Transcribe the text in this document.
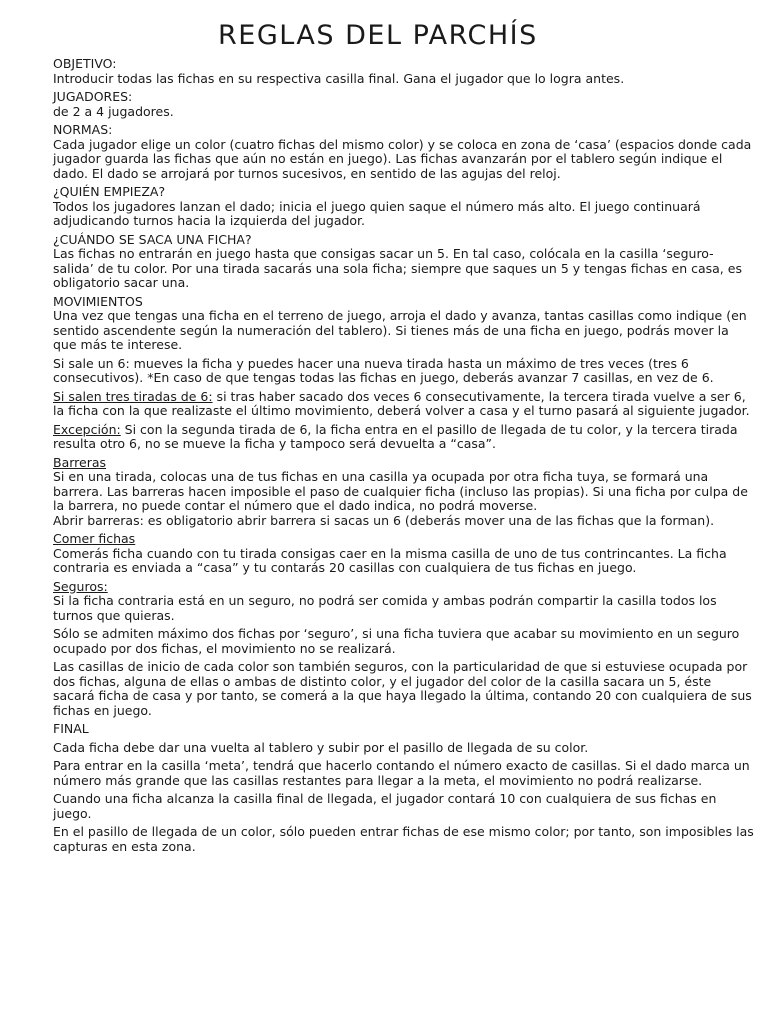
REGLAS DEL PARCHÍS
OBJETIVO:

Introducir todas las fichas en su respectiva casilla final. Gana el jugador que lo logra antes.

JUGADORES:

de 2 a 4 jugadores.

NORMAS:

Cada jugador elige un color (cuatro fichas del mismo color) y se coloca en zona de ‘casa’ (espacios donde cada jugador guarda las fichas que aún no están en juego). Las fichas avanzarán por el tablero según indique el dado. El dado se arrojará por turnos sucesivos, en sentido de las agujas del reloj.

¿QUIÉN EMPIEZA?

Todos los jugadores lanzan el dado; inicia el juego quien saque el número más alto. El juego continuará adjudicando turnos hacia la izquierda del jugador.

¿CUÁNDO SE SACA UNA FICHA?

Las fichas no entrarán en juego hasta que consigas sacar un 5. En tal caso, colócala en la casilla ‘seguro-salida’ de tu color. Por una tirada sacarás una sola ficha; siempre que saques un 5 y tengas fichas en casa, es obligatorio sacar una.

MOVIMIENTOS

Una vez que tengas una ficha en el terreno de juego, arroja el dado y avanza, tantas casillas como indique (en sentido ascendente según la numeración del tablero). Si tienes más de una ficha en juego, podrás mover la que más te interese.

Si sale un 6: mueves la ficha y puedes hacer una nueva tirada hasta un máximo de tres veces (tres 6 consecutivos). *En caso de que tengas todas las fichas en juego, deberás avanzar 7 casillas, en vez de 6.

Si salen tres tiradas de 6: si tras haber sacado dos veces 6 consecutivamente, la tercera tirada vuelve a ser 6, la ficha con la que realizaste el último movimiento, deberá volver a casa y el turno pasará al siguiente jugador.

Excepción: Si con la segunda tirada de 6, la ficha entra en el pasillo de llegada de tu color, y la tercera tirada resulta otro 6, no se mueve la ficha y tampoco será devuelta a “casa”.

Barreras

Si en una tirada, colocas una de tus fichas en una casilla ya ocupada por otra ficha tuya, se formará una barrera. Las barreras hacen imposible el paso de cualquier ficha (incluso las propias). Si una ficha por culpa de la barrera, no puede contar el número que el dado indica, no podrá moverse.

Abrir barreras: es obligatorio abrir barrera si sacas un 6 (deberás mover una de las fichas que la forman).

Comer fichas

Comerás ficha cuando con tu tirada consigas caer en la misma casilla de uno de tus contrincantes. La ficha contraria es enviada a “casa” y tu contarás 20 casillas con cualquiera de tus fichas en juego.

Seguros:

Si la ficha contraria está en un seguro, no podrá ser comida y ambas podrán compartir la casilla todos los turnos que quieras.

Sólo se admiten máximo dos fichas por ‘seguro’, si una ficha tuviera que acabar su movimiento en un seguro ocupado por dos fichas, el movimiento no se realizará.

Las casillas de inicio de cada color son también seguros, con la particularidad de que si estuviese ocupada por dos fichas, alguna de ellas o ambas de distinto color, y el jugador del color de la casilla sacara un 5, éste sacará ficha de casa y por tanto, se comerá a la que haya llegado la última, contando 20 con cualquiera de sus fichas en juego.

FINAL

Cada ficha debe dar una vuelta al tablero y subir por el pasillo de llegada de su color.

Para entrar en la casilla ‘meta’, tendrá que hacerlo contando el número exacto de casillas. Si el dado marca un número más grande que las casillas restantes para llegar a la meta, el movimiento no podrá realizarse.

Cuando una ficha alcanza la casilla final de llegada, el jugador contará 10 con cualquiera de sus fichas en juego.

En el pasillo de llegada de un color, sólo pueden entrar fichas de ese mismo color; por tanto, son imposibles las capturas en esta zona.
